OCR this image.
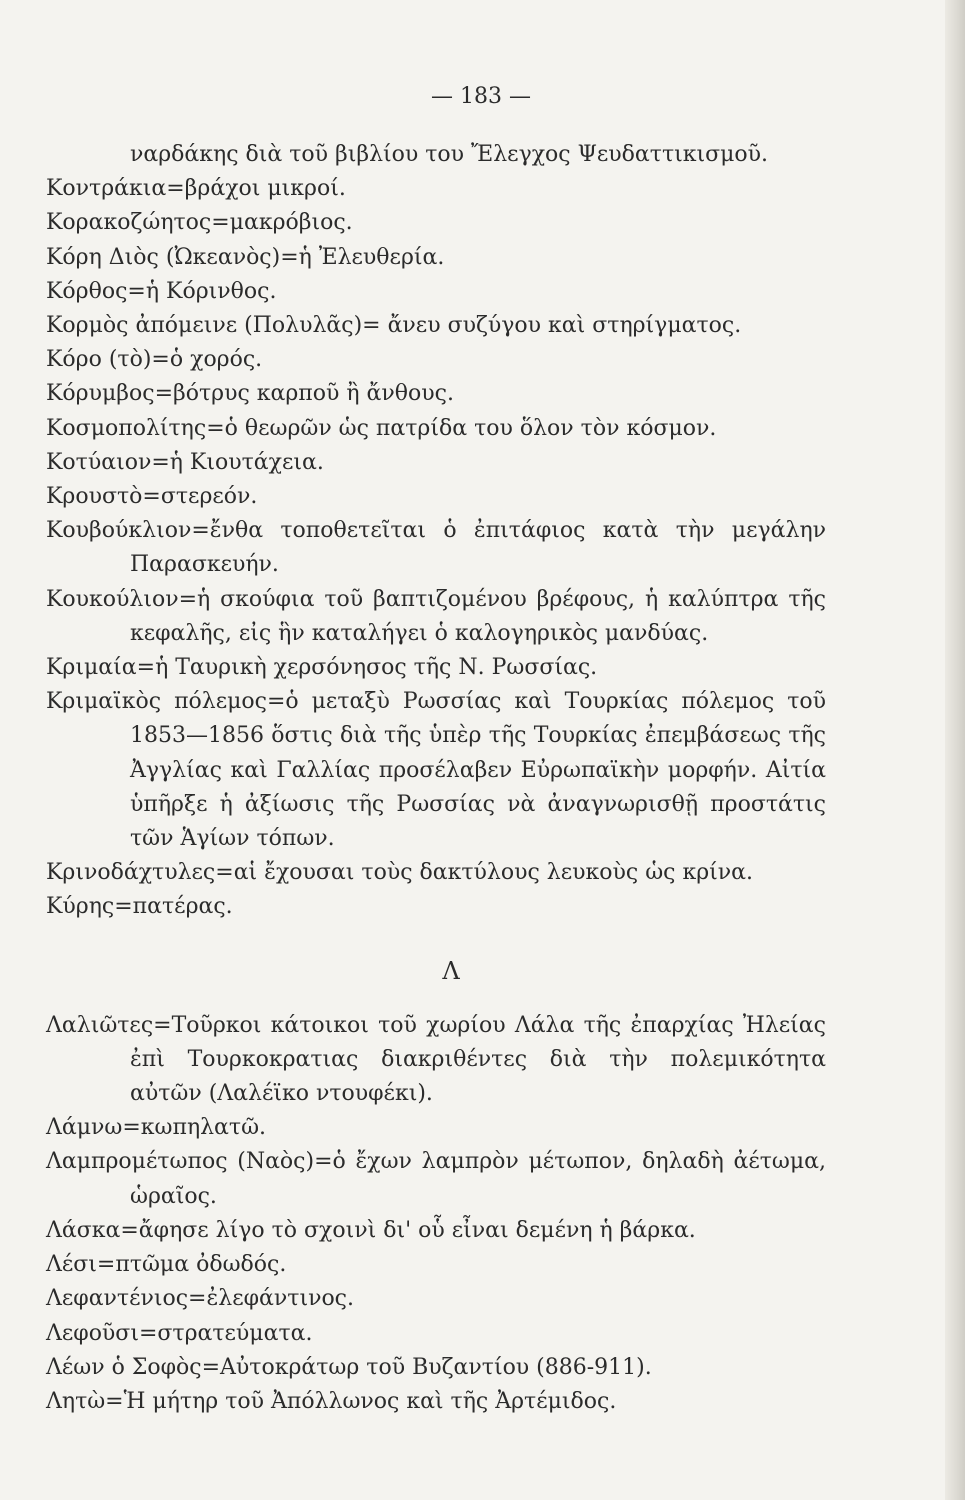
— 183 —

ναρδάκης διὰ τοῦ βιβλίου του Ἔλεγχος Ψευδαττικισμοῦ.

Κοντράκια=βράχοι μικροί.

Κορακοζώητος=μακρόβιος.

Κόρη Διὸς (Ὠκεανὸς)=ἡ Ἐλευθερία.

Κόρθος=ἡ Κόρινθος.

Κορμὸς ἀπόμεινε (Πολυλᾶς)= ἄνευ συζύγου καὶ στηρίγματος.

Κόρο (τὸ)=ὁ χορός.

Κόρυμβος=βότρυς καρποῦ ἢ ἄνθους.

Κοσμοπολίτης=ὁ θεωρῶν ὡς πατρίδα του ὅλον τὸν κόσμον.

Κοτύαιον=ἡ Κιουτάχεια.

Κρουστὸ=στερεόν.

Κουβούκλιον=ἔνθα τοποθετεῖται ὁ ἐπιτάφιος κατὰ τὴν μεγάλην Παρασκευήν.

Κουκούλιον=ἡ σκούφια τοῦ βαπτιζομένου βρέφους, ἡ καλύπτρα τῆς κεφαλῆς, εἰς ἣν καταλήγει ὁ καλογηρικὸς μανδύας.

Κριμαία=ἡ Ταυρικὴ χερσόνησος τῆς Ν. Ρωσσίας.

Κριμαϊκὸς πόλεμος=ὁ μεταξὺ Ρωσσίας καὶ Τουρκίας πόλεμος τοῦ 1853—1856 ὅστις διὰ τῆς ὑπὲρ τῆς Τουρκίας ἐπεμβάσεως τῆς Ἀγγλίας καὶ Γαλλίας προσέλαβεν Εὐρωπαϊκὴν μορφήν. Αἰτία ὑπῆρξε ἡ ἀξίωσις τῆς Ρωσσίας νὰ ἀναγνωρισθῇ προστάτις τῶν Ἁγίων τόπων.

Κρινοδάχτυλες=αἱ ἔχουσαι τοὺς δακτύλους λευκοὺς ὡς κρίνα.

Κύρης=πατέρας.

Λ

Λαλιῶτες=Τοῦρκοι κάτοικοι τοῦ χωρίου Λάλα τῆς ἐπαρχίας Ἠλείας ἐπὶ Τουρκοκρατιας διακριθέντες διὰ τὴν πολεμικότητα αὐτῶν (Λαλέϊκο ντουφέκι).

Λάμνω=κωπηλατῶ.

Λαμπρομέτωπος (Ναὸς)=ὁ ἔχων λαμπρὸν μέτωπον, δηλαδὴ ἀέτωμα, ὡραῖος.

Λάσκα=ἄφησε λίγο τὸ σχοινὶ δι' οὗ εἶναι δεμένη ἡ βάρκα.

Λέσι=πτῶμα ὀδωδός.

Λεφαντένιος=ἐλεφάντινος.

Λεφοῦσι=στρατεύματα.

Λέων ὁ Σοφὸς=Αὐτοκράτωρ τοῦ Βυζαντίου (886-911).

Λητὼ=Ἡ μήτηρ τοῦ Ἀπόλλωνος καὶ τῆς Ἀρτέμιδος.
